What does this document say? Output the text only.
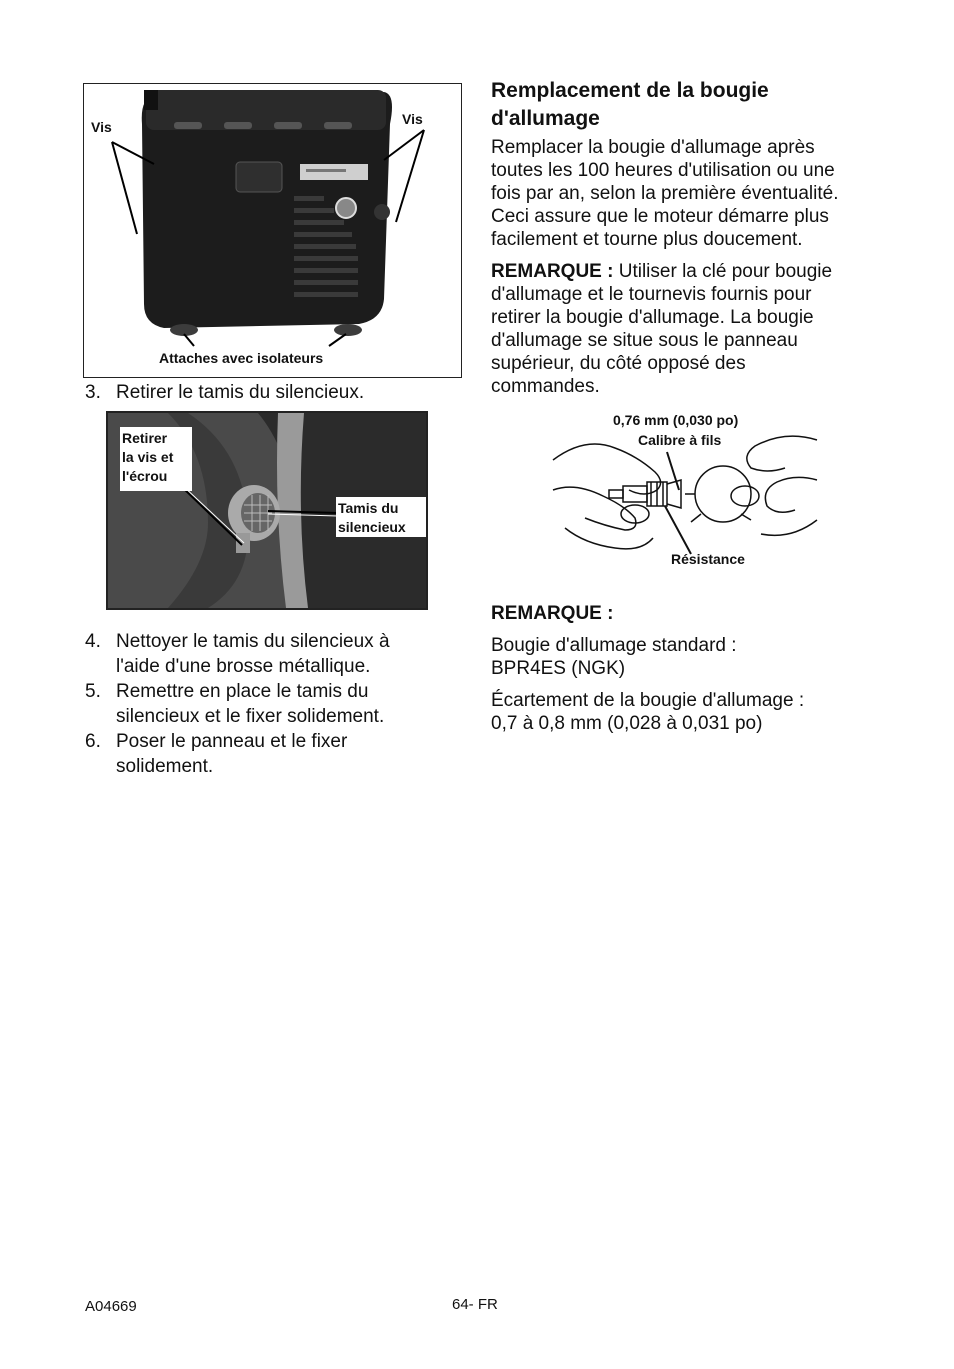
Vis	Vis
Attaches avec isolateurs
3. Retirer le tamis du silencieux.
Retirer
la vis et
l'écrou
Tamis du
silencieux
4. Nettoyer le tamis du silencieux à
l'aide d'une brosse métallique.
5. Remettre en place le tamis du
silencieux et le fixer solidement.
6. Poser le panneau et le fixer
solidement.
Remplacement de la bougie
d'allumage
Remplacer la bougie d'allumage après
toutes les 100 heures d'utilisation ou une
fois par an, selon la première éventualité.
Ceci assure que le moteur démarre plus
facilement et tourne plus doucement.
REMARQUE : Utiliser la clé pour bougie
d'allumage et le tournevis fournis pour
retirer la bougie d'allumage. La bougie
d'allumage se situe sous le panneau
supérieur, du côté opposé des
commandes.
0,76 mm (0,030 po)
Calibre à fils
Résistance
REMARQUE :
Bougie d'allumage standard :
BPR4ES (NGK)
Écartement de la bougie d'allumage :
0,7 à 0,8 mm (0,028 à 0,031 po)
A04669	64- FR
